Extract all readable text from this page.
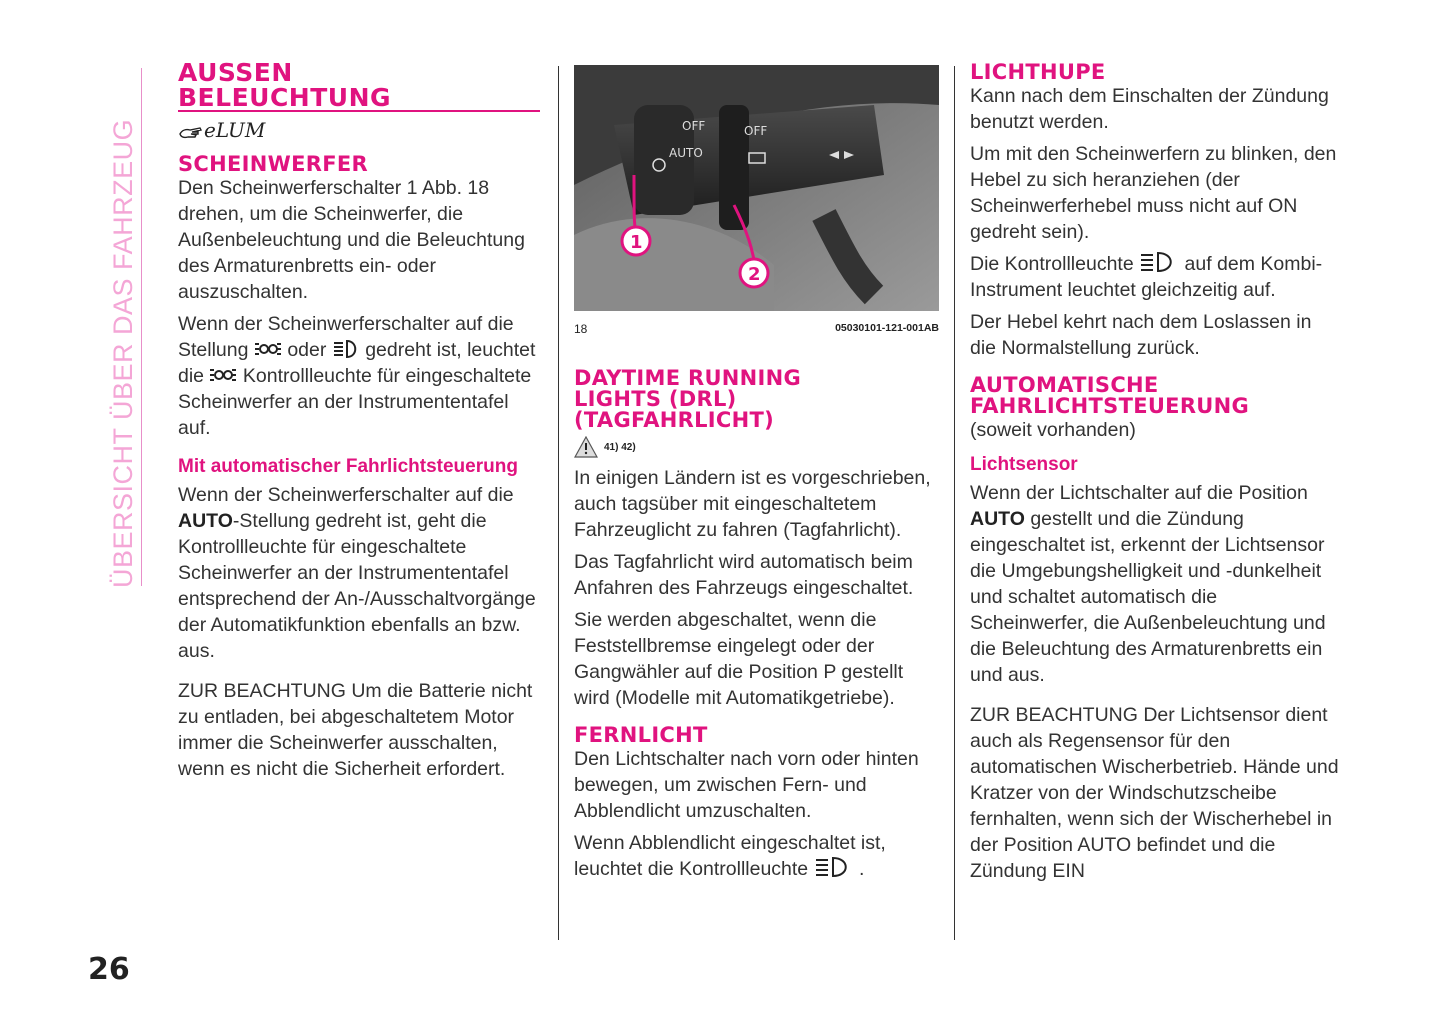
ÜBERSICHT ÜBER DAS FAHRZEUG
AUSSEN
BELEUCHTUNG
eLUM
SCHEINWERFER

Den Scheinwerferschalter 1 Abb. 18 drehen, um die Scheinwerfer, die Außenbeleuchtung und die Beleuchtung des Armaturenbretts ein- oder auszuschalten.

Wenn der Scheinwerferschalter auf die Stellung oder gedreht ist, leuchtet die Kontrollleuchte für eingeschaltete Scheinwerfer an der Instrumententafel auf.

Mit automatischer Fahrlichtsteuerung

Wenn der Scheinwerferschalter auf die AUTO-Stellung gedreht ist, geht die Kontrollleuchte für eingeschaltete Scheinwerfer an der Instrumententafel entsprechend der An-/Ausschaltvorgänge der Automatikfunktion ebenfalls an bzw. aus.

ZUR BEACHTUNG Um die Batterie nicht zu entladen, bei abgeschaltetem Motor immer die Scheinwerfer ausschalten, wenn es nicht die Sicherheit erfordert.

OFF
AUTO
OFF
1
2
18	05030101-121-001AB
DAYTIME RUNNING LIGHTS (DRL) (TAGFAHRLICHT)
41) 42)

In einigen Ländern ist es vorgeschrieben, auch tagsüber mit eingeschaltetem Fahrzeuglicht zu fahren (Tagfahrlicht).

Das Tagfahrlicht wird automatisch beim Anfahren des Fahrzeugs eingeschaltet.

Sie werden abgeschaltet, wenn die Feststellbremse eingelegt oder der Gangwähler auf die Position P gestellt wird (Modelle mit Automatikgetriebe).

FERNLICHT

Den Lichtschalter nach vorn oder hinten bewegen, um zwischen Fern- und Abblendlicht umzuschalten.

Wenn Abblendlicht eingeschaltet ist, leuchtet die Kontrollleuchte	.

LICHTHUPE

Kann nach dem Einschalten der Zündung benutzt werden.

Um mit den Scheinwerfern zu blinken, den Hebel zu sich heranziehen (der Scheinwerferhebel muss nicht auf ON gedreht sein).

Die Kontrollleuchte	auf dem Kombi-Instrument leuchtet gleichzeitig auf.

Der Hebel kehrt nach dem Loslassen in die Normalstellung zurück.

AUTOMATISCHE FAHRLICHTSTEUERUNG

(soweit vorhanden)

Lichtsensor

Wenn der Lichtschalter auf die Position AUTO gestellt und die Zündung eingeschaltet ist, erkennt der Lichtsensor die Umgebungshelligkeit und -dunkelheit und schaltet automatisch die Scheinwerfer, die Außenbeleuchtung und die Beleuchtung des Armaturenbretts ein und aus.

ZUR BEACHTUNG Der Lichtsensor dient auch als Regensensor für den automatischen Wischerbetrieb. Hände und Kratzer von der Windschutzscheibe fernhalten, wenn sich der Wischerhebel in der Position AUTO befindet und die Zündung EIN

26
